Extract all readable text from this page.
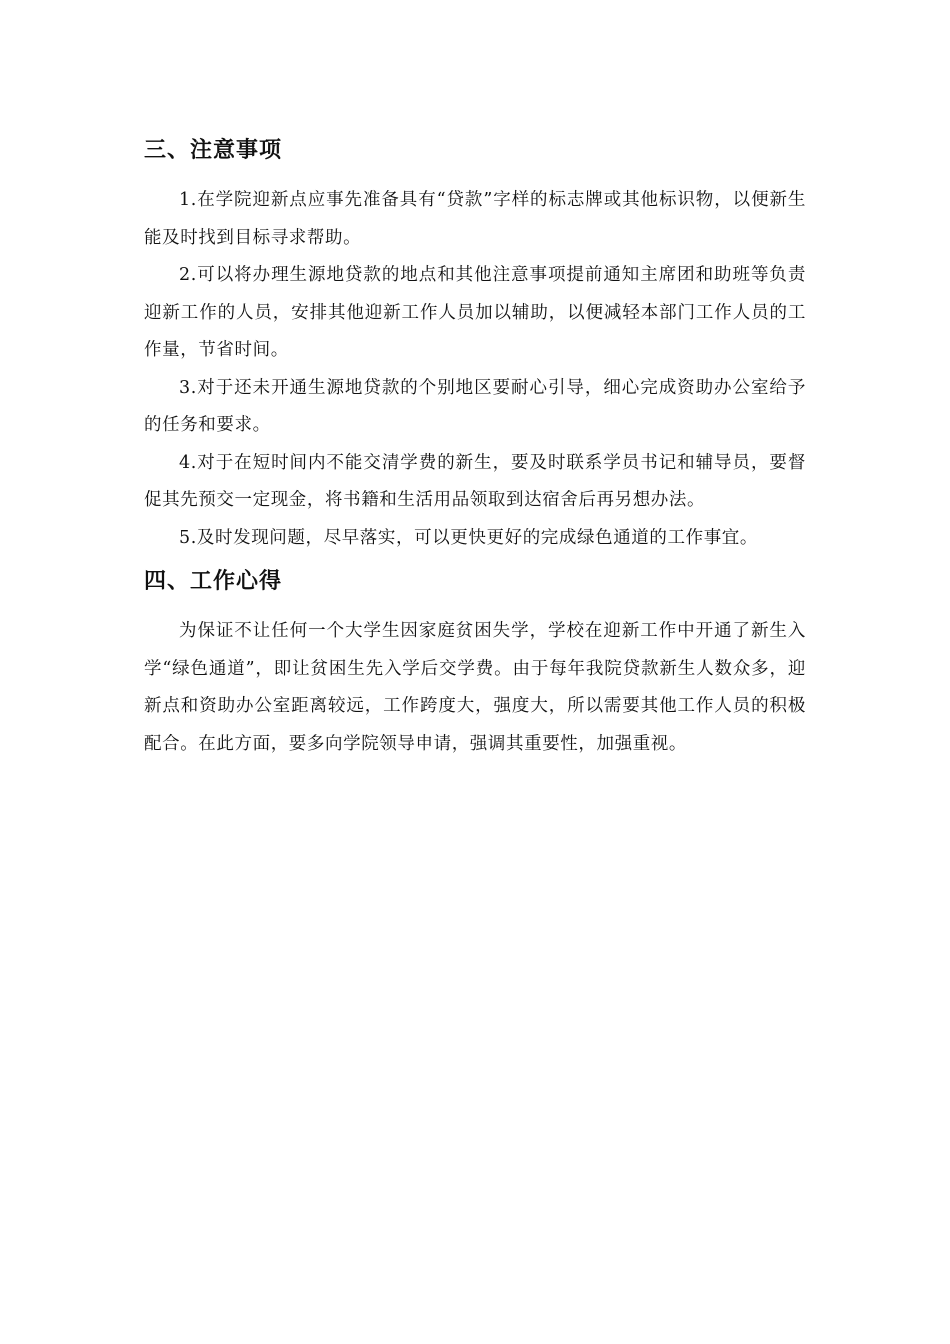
三、注意事项

1.在学院迎新点应事先准备具有“贷款”字样的标志牌或其他标识物，以便新生能及时找到目标寻求帮助。

2.可以将办理生源地贷款的地点和其他注意事项提前通知主席团和助班等负责迎新工作的人员，安排其他迎新工作人员加以辅助，以便减轻本部门工作人员的工作量，节省时间。

3.对于还未开通生源地贷款的个别地区要耐心引导，细心完成资助办公室给予的任务和要求。

4.对于在短时间内不能交清学费的新生，要及时联系学员书记和辅导员，要督促其先预交一定现金，将书籍和生活用品领取到达宿舍后再另想办法。

5.及时发现问题，尽早落实，可以更快更好的完成绿色通道的工作事宜。

四、工作心得

为保证不让任何一个大学生因家庭贫困失学，学校在迎新工作中开通了新生入学“绿色通道”，即让贫困生先入学后交学费。由于每年我院贷款新生人数众多，迎新点和资助办公室距离较远，工作跨度大，强度大，所以需要其他工作人员的积极配合。在此方面，要多向学院领导申请，强调其重要性，加强重视。
